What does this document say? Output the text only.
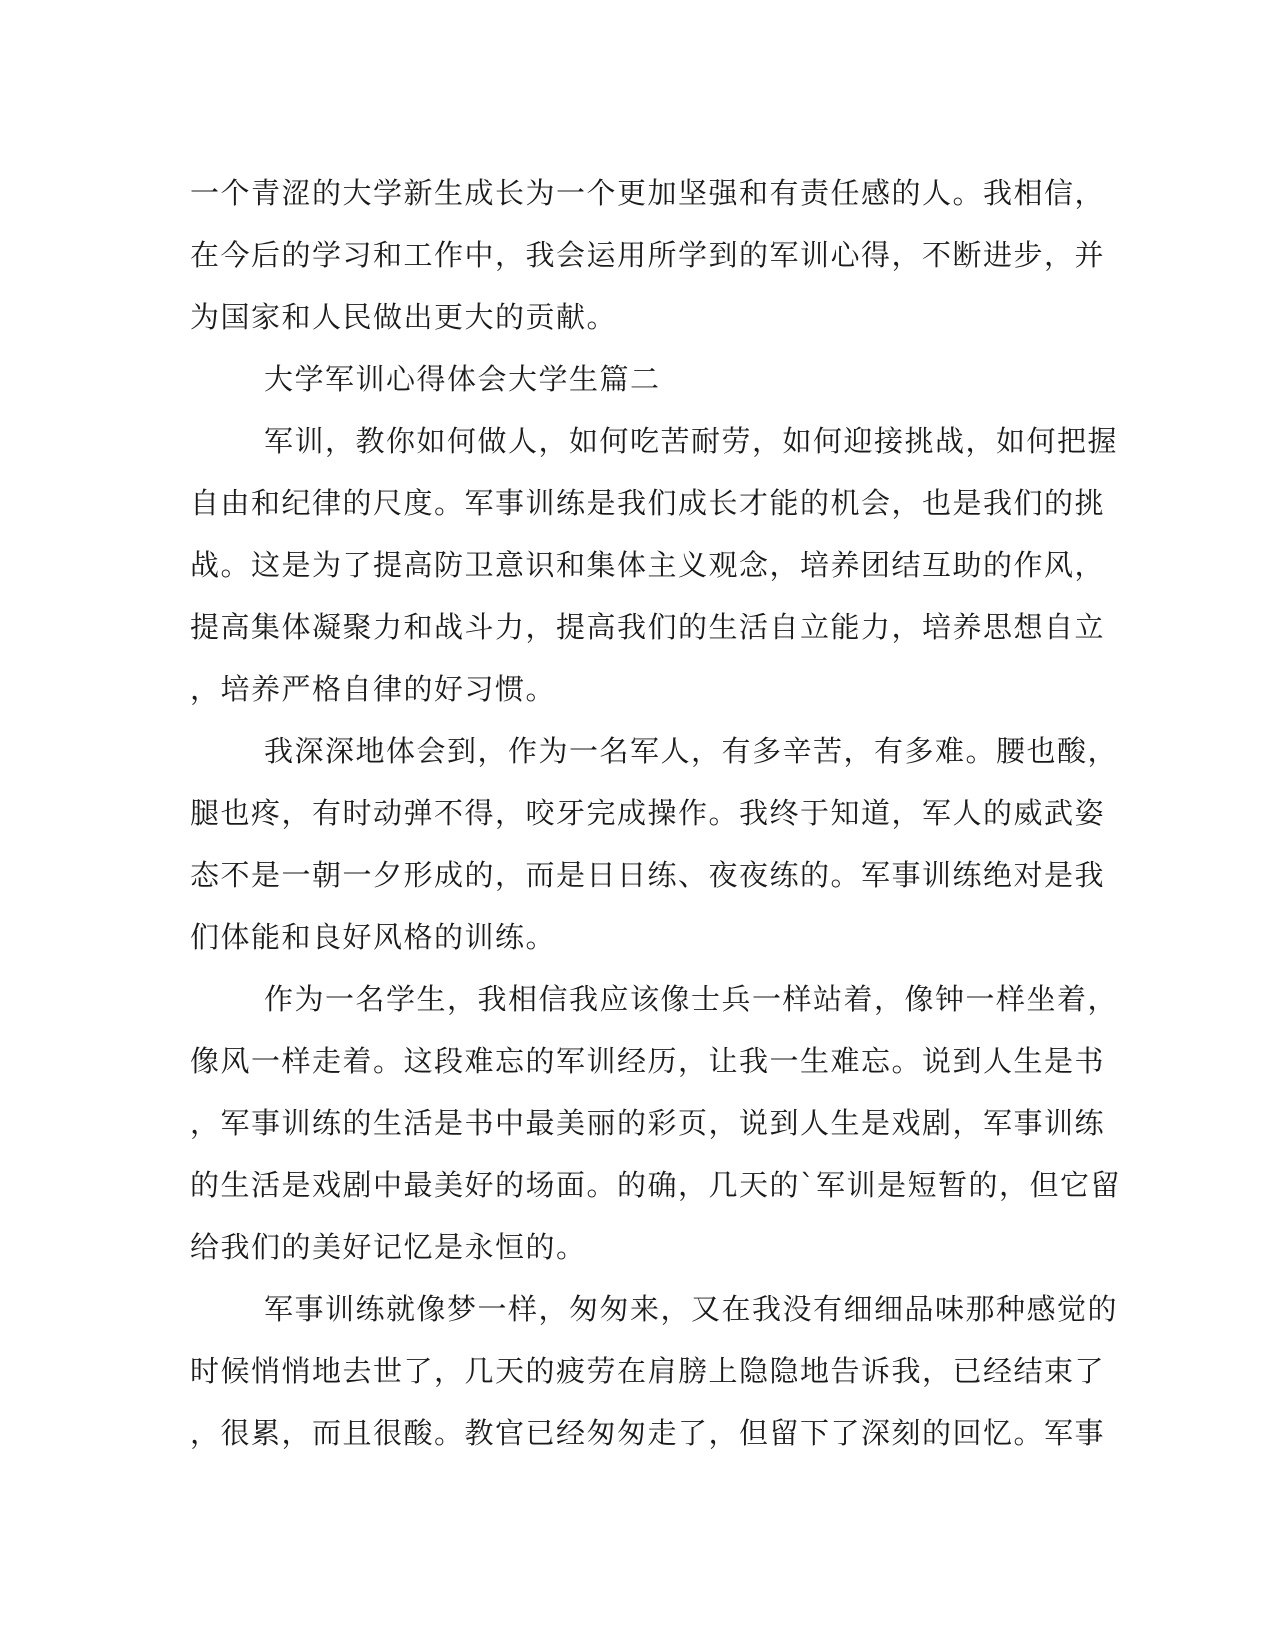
一个青涩的大学新生成长为一个更加坚强和有责任感的人。我相信，
在今后的学习和工作中，我会运用所学到的军训心得，不断进步，并
为国家和人民做出更大的贡献。
大学军训心得体会大学生篇二
军训，教你如何做人，如何吃苦耐劳，如何迎接挑战，如何把握
自由和纪律的尺度。军事训练是我们成长才能的机会，也是我们的挑
战。这是为了提高防卫意识和集体主义观念，培养团结互助的作风，
提高集体凝聚力和战斗力，提高我们的生活自立能力，培养思想自立
，培养严格自律的好习惯。
我深深地体会到，作为一名军人，有多辛苦，有多难。腰也酸，
腿也疼，有时动弹不得，咬牙完成操作。我终于知道，军人的威武姿
态不是一朝一夕形成的，而是日日练、夜夜练的。军事训练绝对是我
们体能和良好风格的训练。
作为一名学生，我相信我应该像士兵一样站着，像钟一样坐着，
像风一样走着。这段难忘的军训经历，让我一生难忘。说到人生是书
，军事训练的生活是书中最美丽的彩页，说到人生是戏剧，军事训练
的生活是戏剧中最美好的场面。的确，几天的`军训是短暂的，但它留
给我们的美好记忆是永恒的。
军事训练就像梦一样，匆匆来，又在我没有细细品味那种感觉的
时候悄悄地去世了，几天的疲劳在肩膀上隐隐地告诉我，已经结束了
，很累，而且很酸。教官已经匆匆走了，但留下了深刻的回忆。军事
